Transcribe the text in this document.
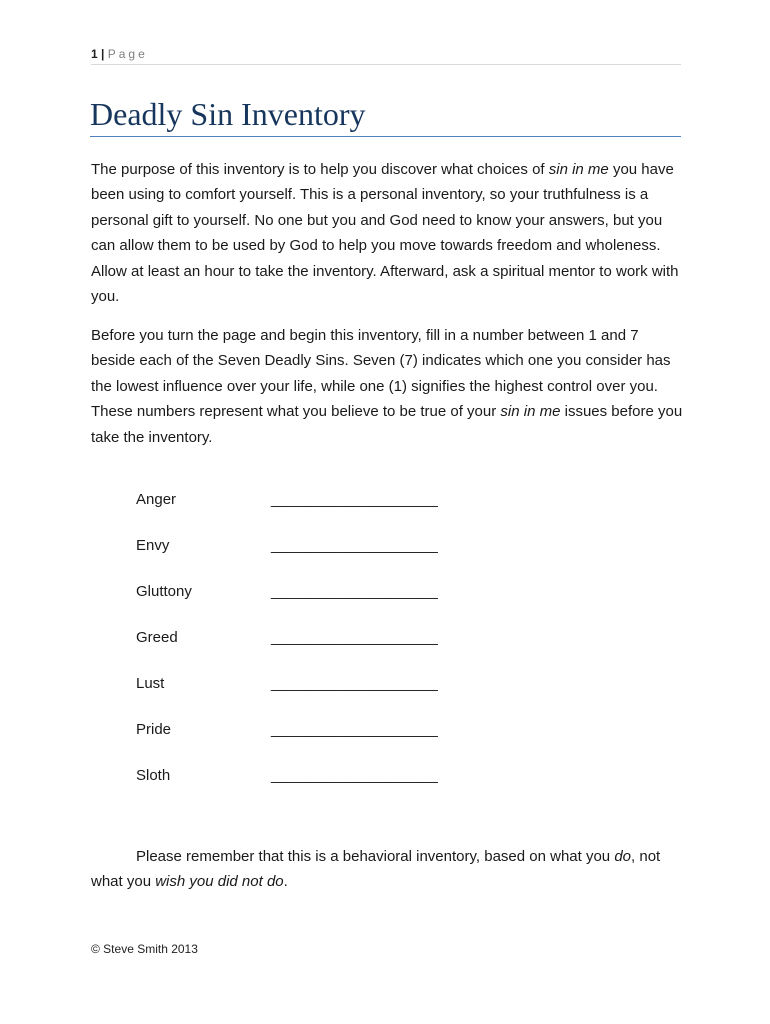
1 | Page
Deadly Sin Inventory

The purpose of this inventory is to help you discover what choices of sin in me you have been using to comfort yourself. This is a personal inventory, so your truthfulness is a personal gift to yourself. No one but you and God need to know your answers, but you can allow them to be used by God to help you move towards freedom and wholeness. Allow at least an hour to take the inventory. Afterward, ask a spiritual mentor to work with you.

Before you turn the page and begin this inventory, fill in a number between 1 and 7 beside each of the Seven Deadly Sins. Seven (7) indicates which one you consider has the lowest influence over your life, while one (1) signifies the highest control over you. These numbers represent what you believe to be true of your sin in me issues before you take the inventory.

Anger	____________________
Envy	____________________
Gluttony	____________________
Greed	____________________
Lust	____________________
Pride	____________________
Sloth	____________________

Please remember that this is a behavioral inventory, based on what you do, not what you wish you did not do.

© Steve Smith 2013
